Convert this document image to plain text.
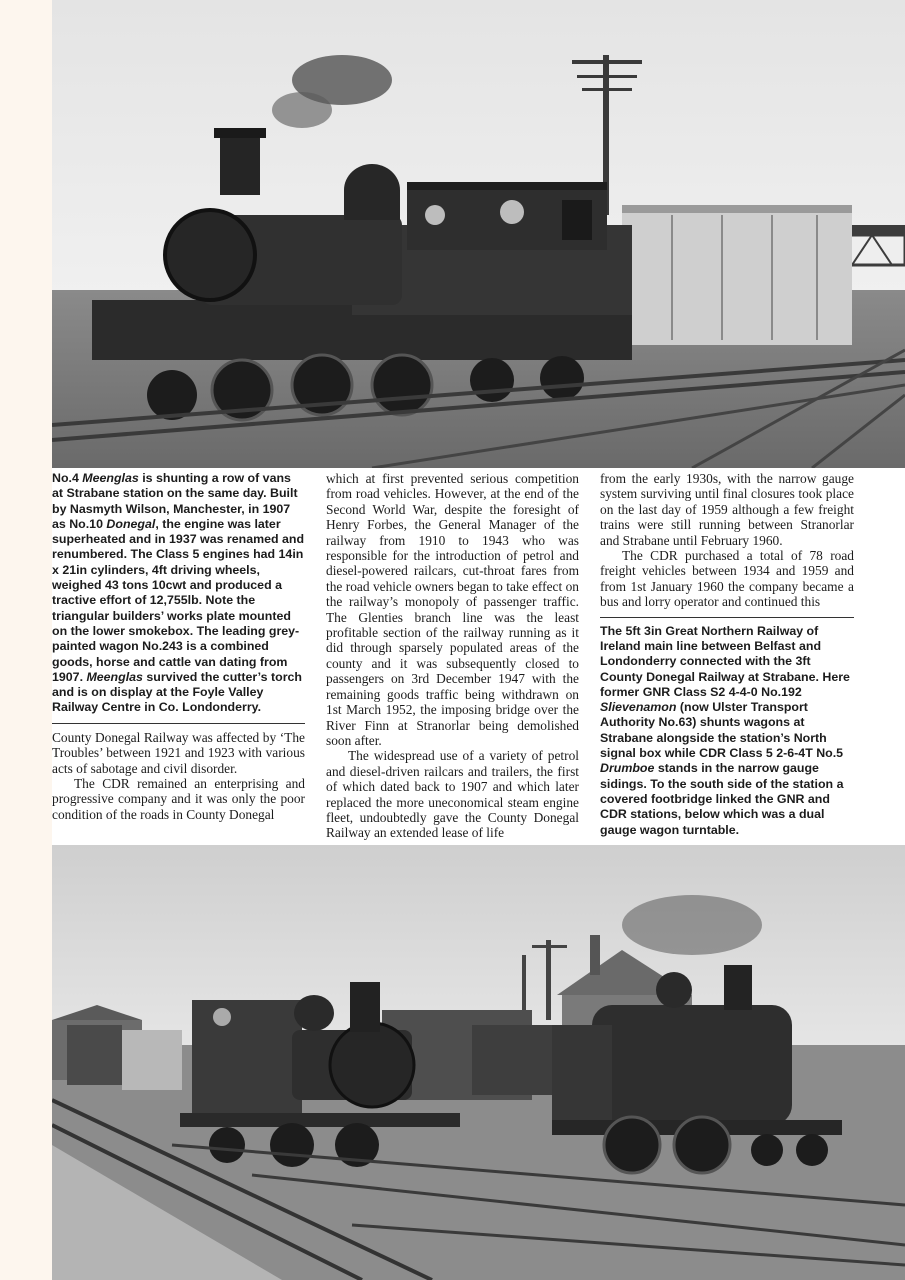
No.4 Meenglas is shunting a row of vans at Strabane station on the same day. Built by Nasmyth Wilson, Manchester, in 1907 as No.10 Donegal, the engine was later superheated and in 1937 was renamed and renumbered. The Class 5 engines had 14in x 21in cylinders, 4ft driving wheels, weighed 43 tons 10cwt and produced a tractive effort of 12,755lb. Note the triangular builders’ works plate mounted on the lower smokebox. The leading grey-painted wagon No.243 is a combined goods, horse and cattle van dating from 1907. Meenglas survived the cutter’s torch and is on display at the Foyle Valley Railway Centre in Co. Londonderry.

County Donegal Railway was affected by ‘The Troubles’ between 1921 and 1923 with various acts of sabotage and civil disorder.

The CDR remained an enterprising and progressive company and it was only the poor condition of the roads in County Donegal

which at first prevented serious competition from road vehicles. However, at the end of the Second World War, despite the foresight of Henry Forbes, the General Manager of the railway from 1910 to 1943 who was responsible for the introduction of petrol and diesel-powered railcars, cut-throat fares from the road vehicle owners began to take effect on the railway’s monopoly of passenger traffic. The Glenties branch line was the least profitable section of the railway running as it did through sparsely populated areas of the county and it was subsequently closed to passengers on 3rd December 1947 with the remaining goods traffic being withdrawn on 1st March 1952, the imposing bridge over the River Finn at Stranorlar being demolished soon after.

The widespread use of a variety of petrol and diesel-driven railcars and trailers, the first of which dated back to 1907 and which later replaced the more uneconomical steam engine fleet, undoubtedly gave the County Donegal Railway an extended lease of life

from the early 1930s, with the narrow gauge system surviving until final closures took place on the last day of 1959 although a few freight trains were still running between Stranorlar and Strabane until February 1960.

The CDR purchased a total of 78 road freight vehicles between 1934 and 1959 and from 1st January 1960 the company became a bus and lorry operator and continued this

The 5ft 3in Great Northern Railway of Ireland main line between Belfast and Londonderry connected with the 3ft County Donegal Railway at Strabane. Here former GNR Class S2 4-4-0 No.192 Slievenamon (now Ulster Transport Authority No.63) shunts wagons at Strabane alongside the station’s North signal box while CDR Class 5 2-6-4T No.5 Drumboe stands in the narrow gauge sidings. To the south side of the station a covered footbridge linked the GNR and CDR stations, below which was a dual gauge wagon turntable.
